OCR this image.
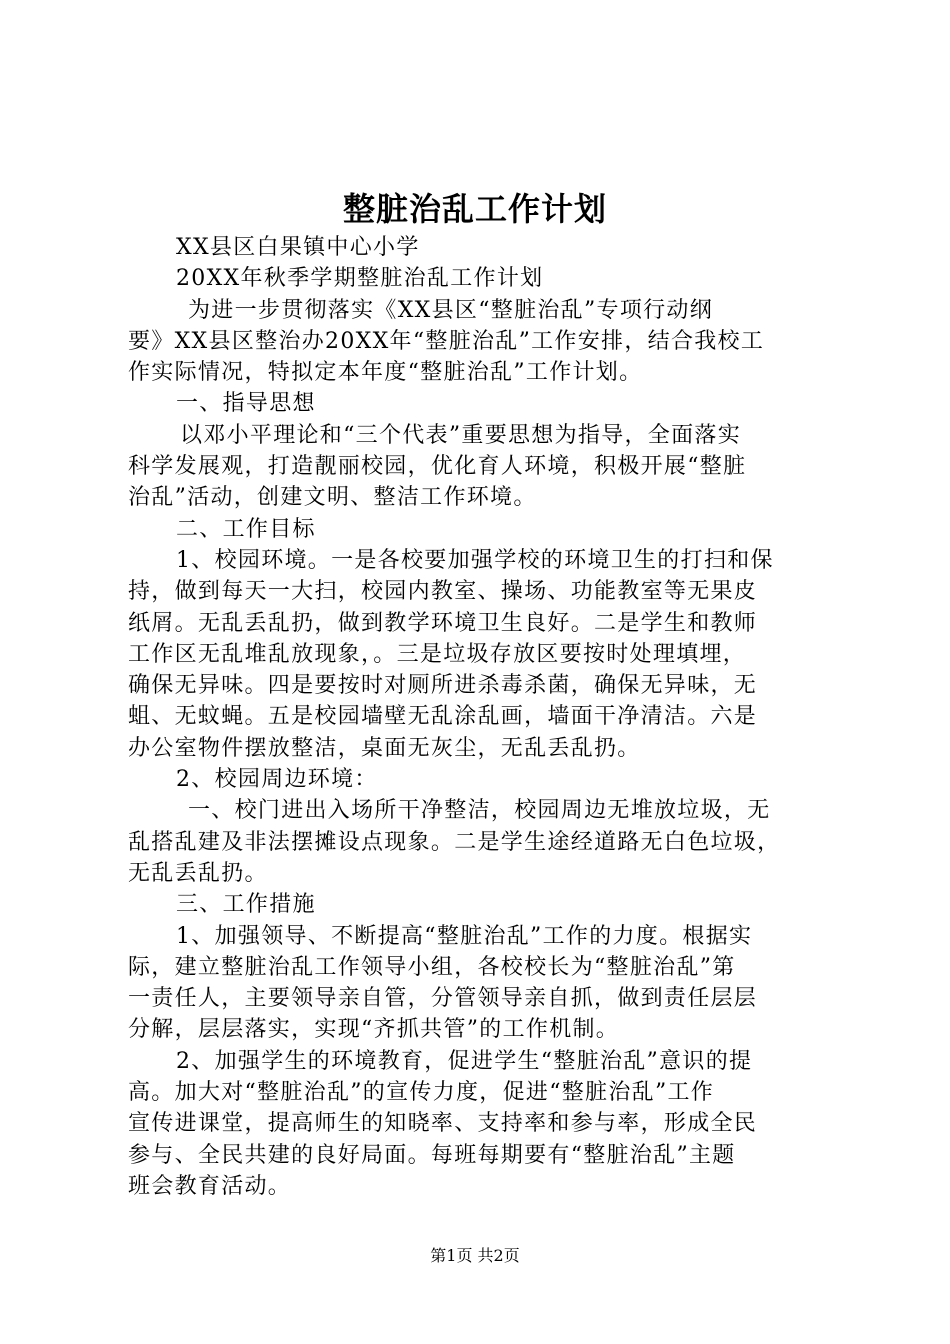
整脏治乱工作计划
XX县区白果镇中心小学
20XX年秋季学期整脏治乱工作计划
为进一步贯彻落实《XX县区“整脏治乱”专项行动纲
要》XX县区整治办20XX年“整脏治乱”工作安排，结合我校工
作实际情况，特拟定本年度“整脏治乱”工作计划。
一、指导思想
以邓小平理论和“三个代表”重要思想为指导，全面落实
科学发展观，打造靓丽校园，优化育人环境，积极开展“整脏
治乱”活动，创建文明、整洁工作环境。
二、工作目标
1、校园环境。一是各校要加强学校的环境卫生的打扫和保
持，做到每天一大扫，校园内教室、操场、功能教室等无果皮
纸屑。无乱丢乱扔，做到教学环境卫生良好。二是学生和教师
工作区无乱堆乱放现象，。三是垃圾存放区要按时处理填埋，
确保无异味。四是要按时对厕所进杀毒杀菌，确保无异味，无
蛆、无蚊蝇。五是校园墙壁无乱涂乱画，墙面干净清洁。六是
办公室物件摆放整洁，桌面无灰尘，无乱丢乱扔。
2、校园周边环境：
一、校门进出入场所干净整洁，校园周边无堆放垃圾，无
乱搭乱建及非法摆摊设点现象。二是学生途经道路无白色垃圾，
无乱丢乱扔。
三、工作措施
1、加强领导、不断提高“整脏治乱”工作的力度。根据实
际，建立整脏治乱工作领导小组，各校校长为“整脏治乱”第
一责任人，主要领导亲自管，分管领导亲自抓，做到责任层层
分解，层层落实，实现“齐抓共管”的工作机制。
2、加强学生的环境教育，促进学生“整脏治乱”意识的提
高。加大对“整脏治乱”的宣传力度，促进“整脏治乱”工作
宣传进课堂，提高师生的知晓率、支持率和参与率，形成全民
参与、全民共建的良好局面。每班每期要有“整脏治乱”主题
班会教育活动。
第1页 共2页
